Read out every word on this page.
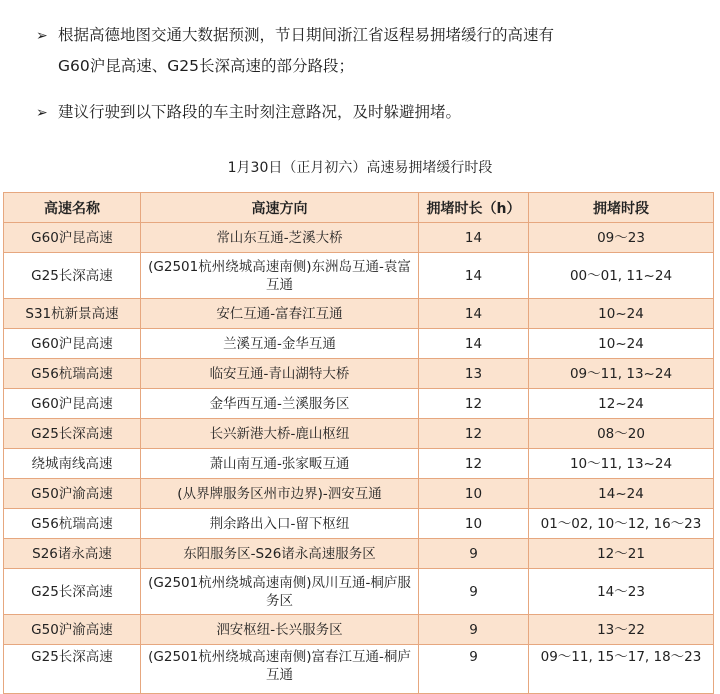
➢ 根据高德地图交通大数据预测，节日期间浙江省返程易拥堵缓行的高速有
G60沪昆高速、G25长深高速的部分路段；
➢ 建议行驶到以下路段的车主时刻注意路况，及时躲避拥堵。
1月30日（正月初六）高速易拥堵缓行时段
高速名称	高速方向	拥堵时长（h）	拥堵时段
G60沪昆高速	常山东互通-芝溪大桥	14	09～23
G25长深高速	(G2501杭州绕城高速南侧)东洲岛互通-袁富互通	14	00～01, 11~24
S31杭新景高速	安仁互通-富春江互通	14	10~24
G60沪昆高速	兰溪互通-金华互通	14	10~24
G56杭瑞高速	临安互通-青山湖特大桥	13	09～11, 13~24
G60沪昆高速	金华西互通-兰溪服务区	12	12~24
G25长深高速	长兴新港大桥-鹿山枢纽	12	08～20
绕城南线高速	萧山南互通-张家畈互通	12	10～11, 13~24
G50沪渝高速	(从界牌服务区州市边界)-泗安互通	10	14~24
G56杭瑞高速	荆余路出入口-留下枢纽	10	01～02, 10～12, 16～23
S26诸永高速	东阳服务区-S26诸永高速服务区	9	12～21
G25长深高速	(G2501杭州绕城高速南侧)凤川互通-桐庐服务区	9	14～23
G50沪渝高速	泗安枢纽-长兴服务区	9	13～22
G25长深高速	(G2501杭州绕城高速南侧)富春江互通-桐庐互通	9	09～11, 15～17, 18～23
